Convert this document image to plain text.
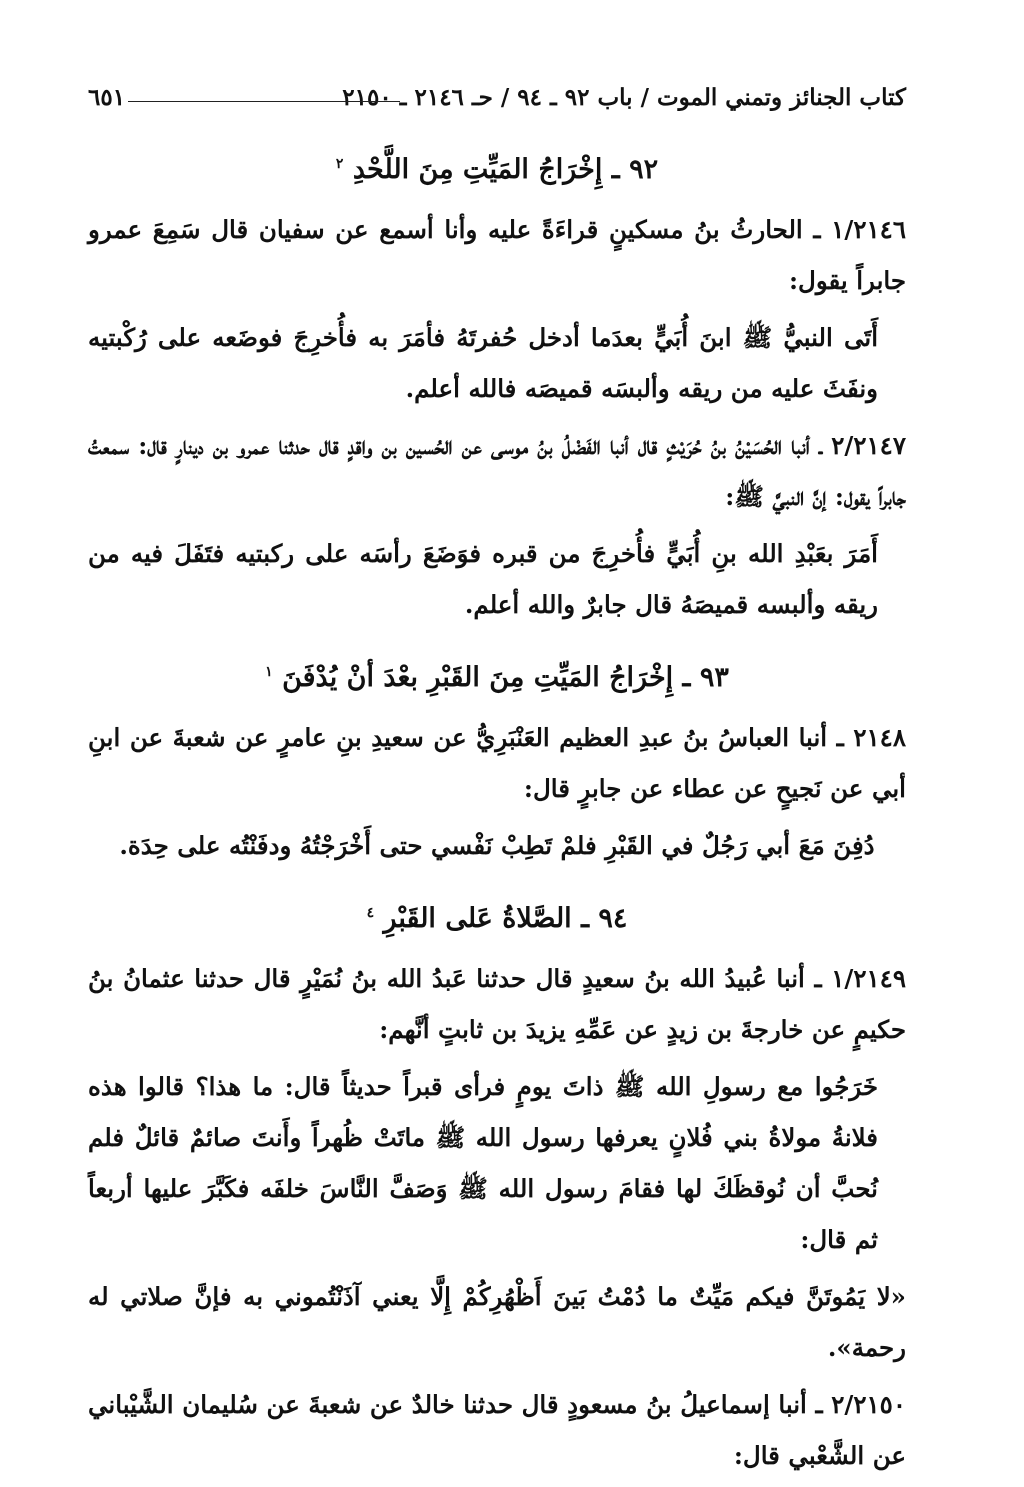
كتاب الجنائز وتمني الموت / باب ٩٢ ـ ٩٤ / حـ ٢١٤٦ ـ ٢١٥٠
٦٥١
٩٢ ـ إِخْرَاجُ المَيِّتِ مِنَ اللَّحْدِ $^٢$

١/٢١٤٦ ـ الحارثُ بنُ مسكينٍ قراءَةً عليه وأنا أسمع عن سفيان قال سَمِعَ عمرو جابراً يقول:

أَتَى النبيُّ ﷺ ابنَ أُبَيٍّ بعدَما أدخل حُفرتَهُ فأمَرَ به فأُخرِجَ فوضَعه على رُكْبتيه ونفَثَ عليه من ريقه وألبسَه قميصَه فالله أعلم.

٢/٢١٤٧ ـ أنبا الحُسَيْنُ بنُ حُرَيْثٍ قال أنبا الفَضْلُ بنُ موسى عن الحُسين بن واقدٍ قال حدثنا عمرو بن دينارٍ قال: سمعتُ جابراً يقول: إنَّ النبيَّ ﷺ:

أَمَرَ بعَبْدِ الله بنِ أُبَيٍّ فأُخرِجَ من قبره فوَضَعَ رأسَه على ركبتيه فتَفَلَ فيه من ريقه وألبسه قميصَهُ قال جابرٌ والله أعلم.

٩٣ ـ إِخْرَاجُ المَيِّتِ مِنَ القَبْرِ بعْدَ أنْ يُدْفَنَ $^١$

٢١٤٨ ـ أنبا العباسُ بنُ عبدِ العظيم العَنْبَرِيُّ عن سعيدِ بنِ عامرٍ عن شعبةَ عن ابنِ أبي عن نَجيحٍ عن عطاء عن جابرٍ قال:

دُفِنَ مَعَ أبي رَجُلٌ في القَبْرِ فلمْ تَطِبْ نَفْسي حتى أَخْرَجْتُهُ ودفَنْتُه على حِدَة.

٩٤ ـ الصَّلاةُ عَلى القَبْرِ $^٤$

١/٢١٤٩ ـ أنبا عُبيدُ الله بنُ سعيدٍ قال حدثنا عَبدُ الله بنُ نُمَيْرٍ قال حدثنا عثمانُ بنُ حكيمٍ عن خارجةَ بن زيدٍ عن عَمِّهِ يزيدَ بن ثابتٍ أنَّهم:

خَرَجُوا مع رسولِ الله ﷺ ذاتَ يومٍ فرأى قبراً حديثاً قال: ما هذا؟ قالوا هذه فلانةُ مولاةُ بني فُلانٍ يعرفها رسول الله ﷺ ماتَتْ ظُهراً وأَنتَ صائمٌ قائلٌ فلم نُحبَّ أن نُوقظَكَ لها فقامَ رسول الله ﷺ وَصَفَّ النَّاسَ خلفَه فكَبَّرَ عليها أربعاً ثم قال:

«لا يَمُوتَنَّ فيكم مَيِّتٌ ما دُمْتُ بَينَ أَظْهُرِكُمْ إِلَّا يعني آذَنْتُموني به فإنَّ صلاتي له رحمة».

٢/٢١٥٠ ـ أنبا إسماعيلُ بنُ مسعودٍ قال حدثنا خالدٌ عن شعبةَ عن سُليمان الشَّيْباني عن الشَّعْبي قال:
